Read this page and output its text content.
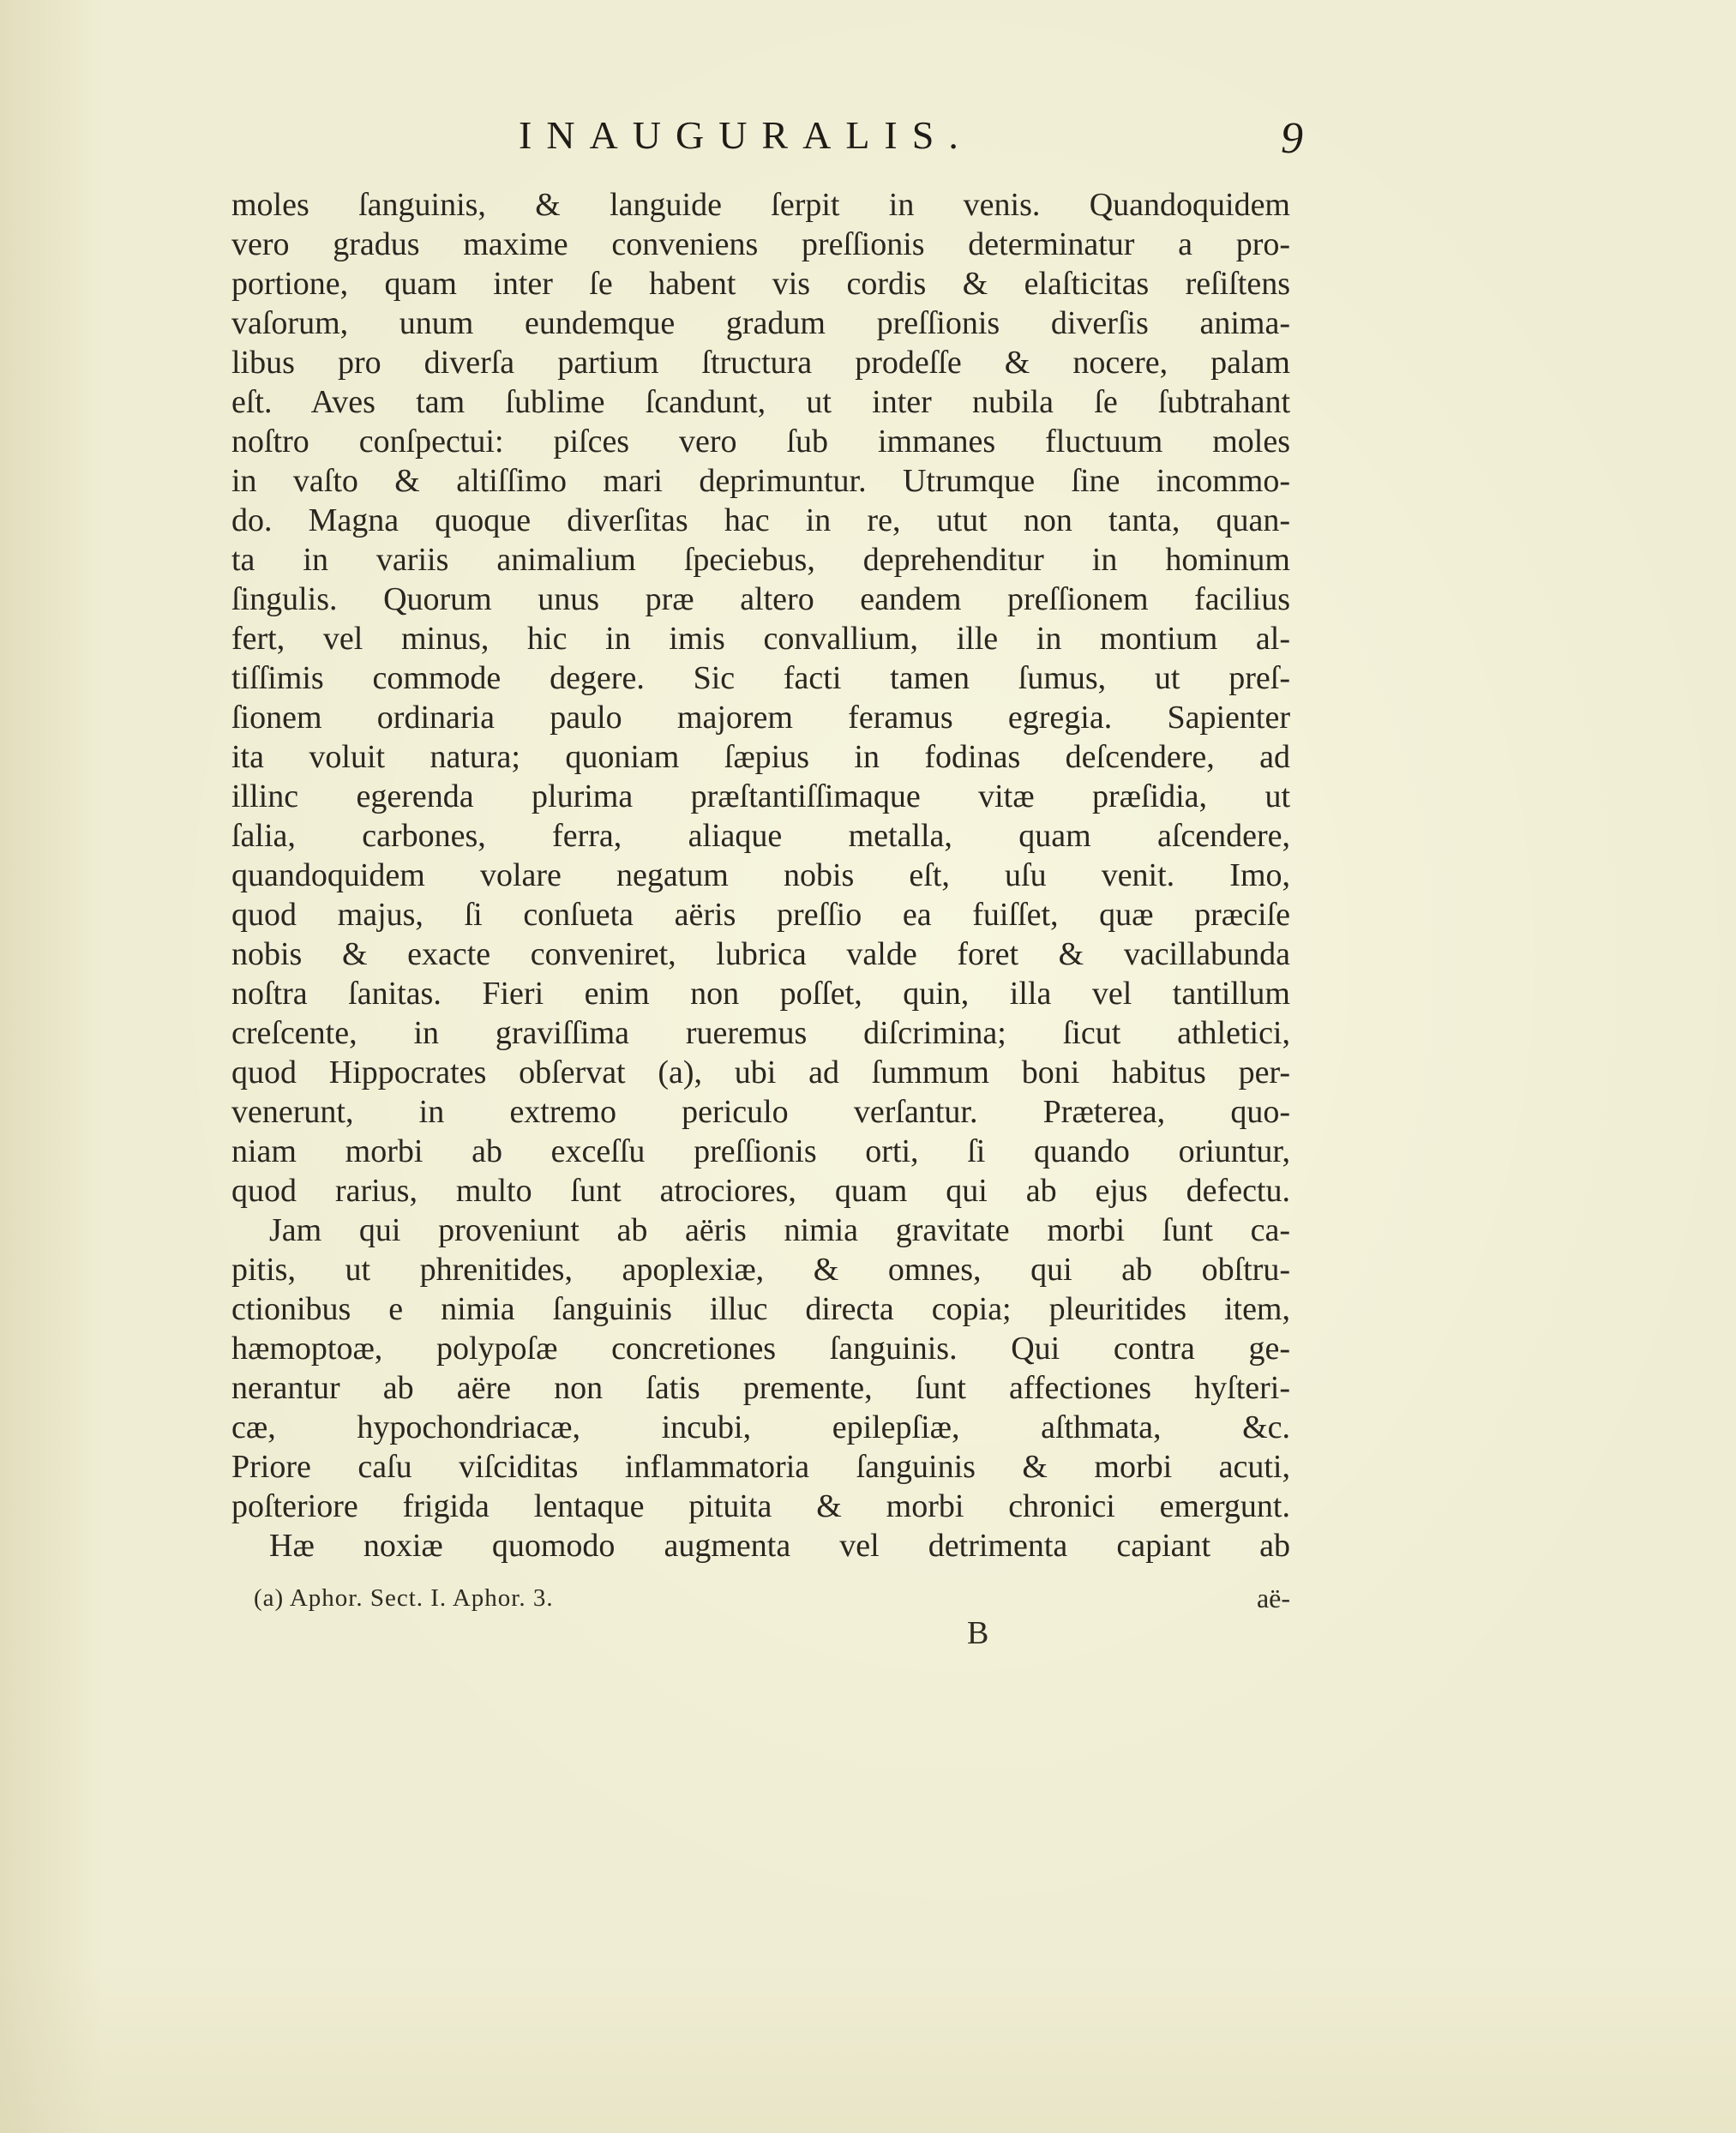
INAUGURALIS.	9
moles ſanguinis, & languide ſerpit in venis. Quandoquidem
vero gradus maxime conveniens preſſionis determinatur a pro-
portione, quam inter ſe habent vis cordis & elaſticitas reſiſtens
vaſorum, unum eundemque gradum preſſionis diverſis anima-
libus pro diverſa partium ſtructura prodeſſe & nocere, palam
eſt. Aves tam ſublime ſcandunt, ut inter nubila ſe ſubtrahant
noſtro conſpectui: piſces vero ſub immanes fluctuum moles
in vaſto & altiſſimo mari deprimuntur. Utrumque ſine incommo-
do. Magna quoque diverſitas hac in re, utut non tanta, quan-
ta in variis animalium ſpeciebus, deprehenditur in hominum
ſingulis. Quorum unus præ altero eandem preſſionem facilius
fert, vel minus, hic in imis convallium, ille in montium al-
tiſſimis commode degere. Sic facti tamen ſumus, ut preſ-
ſionem ordinaria paulo majorem feramus egregia. Sapienter
ita voluit natura; quoniam ſæpius in fodinas deſcendere, ad
illinc egerenda plurima præſtantiſſimaque vitæ præſidia, ut
ſalia, carbones, ferra, aliaque metalla, quam aſcendere,
quandoquidem volare negatum nobis eſt, uſu venit. Imo,
quod majus, ſi conſueta aëris preſſio ea fuiſſet, quæ præciſe
nobis & exacte conveniret, lubrica valde foret & vacillabunda
noſtra ſanitas. Fieri enim non poſſet, quin, illa vel tantillum
creſcente, in graviſſima rueremus diſcrimina; ſicut athletici,
quod Hippocrates obſervat (a), ubi ad ſummum boni habitus per-
venerunt, in extremo periculo verſantur. Præterea, quo-
niam morbi ab exceſſu preſſionis orti, ſi quando oriuntur,
quod rarius, multo ſunt atrociores, quam qui ab ejus defectu.
Jam qui proveniunt ab aëris nimia gravitate morbi ſunt ca-
pitis, ut phrenitides, apoplexiæ, & omnes, qui ab obſtru-
ctionibus e nimia ſanguinis illuc directa copia; pleuritides item,
hæmoptoæ, polypoſæ concretiones ſanguinis. Qui contra ge-
nerantur ab aëre non ſatis premente, ſunt affectiones hyſteri-
cæ, hypochondriacæ, incubi, epilepſiæ, aſthmata, &c.
Priore caſu viſciditas inflammatoria ſanguinis & morbi acuti,
poſteriore frigida lentaque pituita & morbi chronici emergunt.
Hæ noxiæ quomodo augmenta vel detrimenta capiant ab
(a) Aphor. Sect. I. Aphor. 3.	aë-
B
